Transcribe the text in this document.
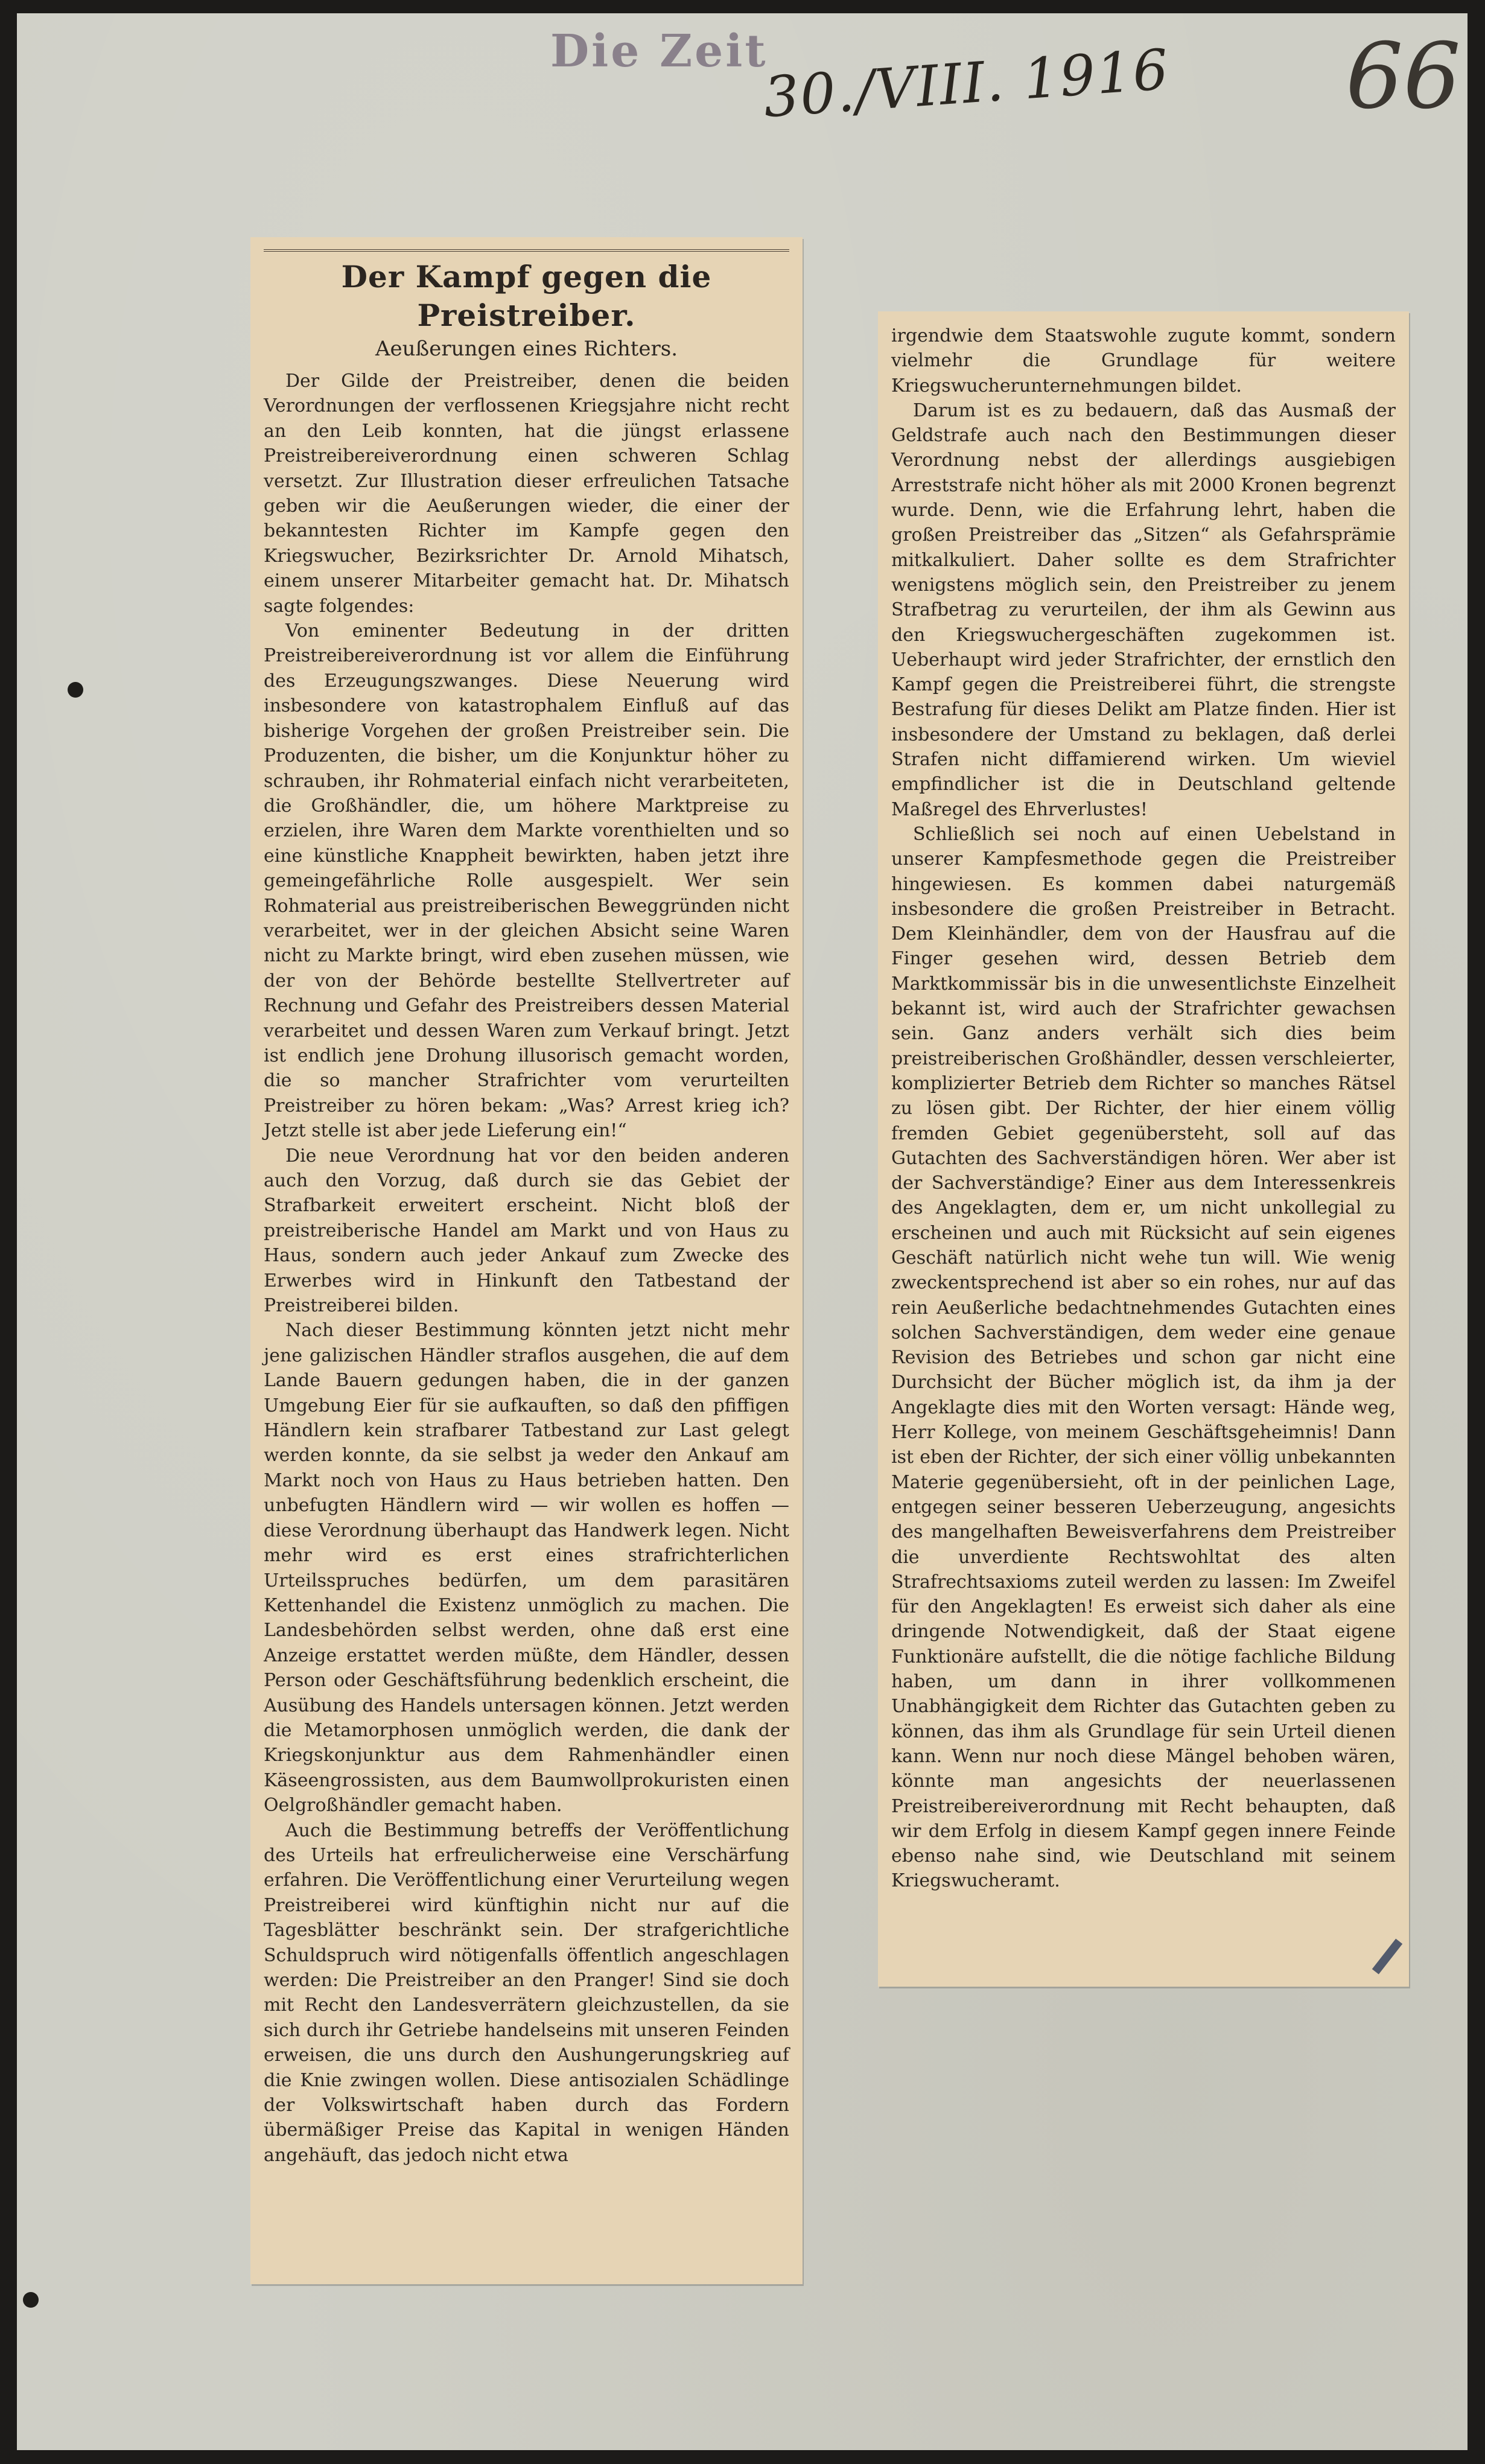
Die Zeit
30./VIII. 1916 66
Der Kampf gegen die Preistreiber.
Aeußerungen eines Richters.

Der Gilde der Preistreiber, denen die beiden Verordnungen der verflossenen Kriegsjahre nicht recht an den Leib konnten, hat die jüngst erlassene Preistreibereiverordnung einen schweren Schlag versetzt. Zur Illustration dieser erfreulichen Tatsache geben wir die Aeußerungen wieder, die einer der bekanntesten Richter im Kampfe gegen den Kriegswucher, Bezirksrichter Dr. Arnold Mihatsch, einem unserer Mitarbeiter gemacht hat. Dr. Mihatsch sagte folgendes:

Von eminenter Bedeutung in der dritten Preistreibereiverordnung ist vor allem die Einführung des Erzeugungszwanges. Diese Neuerung wird insbesondere von katastrophalem Einfluß auf das bisherige Vorgehen der großen Preistreiber sein. Die Produzenten, die bisher, um die Konjunktur höher zu schrauben, ihr Rohmaterial einfach nicht verarbeiteten, die Großhändler, die, um höhere Marktpreise zu erzielen, ihre Waren dem Markte vorenthielten und so eine künstliche Knappheit bewirkten, haben jetzt ihre gemeingefährliche Rolle ausgespielt. Wer sein Rohmaterial aus preistreiberischen Beweggründen nicht verarbeitet, wer in der gleichen Absicht seine Waren nicht zu Markte bringt, wird eben zusehen müssen, wie der von der Behörde bestellte Stellvertreter auf Rechnung und Gefahr des Preistreibers dessen Material verarbeitet und dessen Waren zum Verkauf bringt. Jetzt ist endlich jene Drohung illusorisch gemacht worden, die so mancher Strafrichter vom verurteilten Preistreiber zu hören bekam: „Was? Arrest krieg ich? Jetzt stelle ist aber jede Lieferung ein!“

Die neue Verordnung hat vor den beiden anderen auch den Vorzug, daß durch sie das Gebiet der Strafbarkeit erweitert erscheint. Nicht bloß der preistreiberische Handel am Markt und von Haus zu Haus, sondern auch jeder Ankauf zum Zwecke des Erwerbes wird in Hinkunft den Tatbestand der Preistreiberei bilden.

Nach dieser Bestimmung könnten jetzt nicht mehr jene galizischen Händler straflos ausgehen, die auf dem Lande Bauern gedungen haben, die in der ganzen Umgebung Eier für sie aufkauften, so daß den pfiffigen Händlern kein strafbarer Tatbestand zur Last gelegt werden konnte, da sie selbst ja weder den Ankauf am Markt noch von Haus zu Haus betrieben hatten. Den unbefugten Händlern wird — wir wollen es hoffen — diese Verordnung überhaupt das Handwerk legen. Nicht mehr wird es erst eines strafrichterlichen Urteilsspruches bedürfen, um dem parasitären Kettenhandel die Existenz unmöglich zu machen. Die Landesbehörden selbst werden, ohne daß erst eine Anzeige erstattet werden müßte, dem Händler, dessen Person oder Geschäftsführung bedenklich erscheint, die Ausübung des Handels untersagen können. Jetzt werden die Metamorphosen unmöglich werden, die dank der Kriegskonjunktur aus dem Rahmenhändler einen Käseengrossisten, aus dem Baumwollprokuristen einen Oelgroßhändler gemacht haben.

Auch die Bestimmung betreffs der Veröffentlichung des Urteils hat erfreulicherweise eine Verschärfung erfahren. Die Veröffentlichung einer Verurteilung wegen Preistreiberei wird künftighin nicht nur auf die Tagesblätter beschränkt sein. Der strafgerichtliche Schuldspruch wird nötigenfalls öffentlich angeschlagen werden: Die Preistreiber an den Pranger! Sind sie doch mit Recht den Landesverrätern gleichzustellen, da sie sich durch ihr Getriebe handelseins mit unseren Feinden erweisen, die uns durch den Aushungerungskrieg auf die Knie zwingen wollen. Diese antisozialen Schädlinge der Volkswirtschaft haben durch das Fordern übermäßiger Preise das Kapital in wenigen Händen angehäuft, das jedoch nicht etwa

irgendwie dem Staatswohle zugute kommt, sondern vielmehr die Grundlage für weitere Kriegswucherunternehmungen bildet.

Darum ist es zu bedauern, daß das Ausmaß der Geldstrafe auch nach den Bestimmungen dieser Verordnung nebst der allerdings ausgiebigen Arreststrafe nicht höher als mit 2000 Kronen begrenzt wurde. Denn, wie die Erfahrung lehrt, haben die großen Preistreiber das „Sitzen“ als Gefahrsprämie mitkalkuliert. Daher sollte es dem Strafrichter wenigstens möglich sein, den Preistreiber zu jenem Strafbetrag zu verurteilen, der ihm als Gewinn aus den Kriegswuchergeschäften zugekommen ist. Ueberhaupt wird jeder Strafrichter, der ernstlich den Kampf gegen die Preistreiberei führt, die strengste Bestrafung für dieses Delikt am Platze finden. Hier ist insbesondere der Umstand zu beklagen, daß derlei Strafen nicht diffamierend wirken. Um wieviel empfindlicher ist die in Deutschland geltende Maßregel des Ehrverlustes!

Schließlich sei noch auf einen Uebelstand in unserer Kampfesmethode gegen die Preistreiber hingewiesen. Es kommen dabei naturgemäß insbesondere die großen Preistreiber in Betracht. Dem Kleinhändler, dem von der Hausfrau auf die Finger gesehen wird, dessen Betrieb dem Marktkommissär bis in die unwesentlichste Einzelheit bekannt ist, wird auch der Strafrichter gewachsen sein. Ganz anders verhält sich dies beim preistreiberischen Großhändler, dessen verschleierter, komplizierter Betrieb dem Richter so manches Rätsel zu lösen gibt. Der Richter, der hier einem völlig fremden Gebiet gegenübersteht, soll auf das Gutachten des Sachverständigen hören. Wer aber ist der Sachverständige? Einer aus dem Interessenkreis des Angeklagten, dem er, um nicht unkollegial zu erscheinen und auch mit Rücksicht auf sein eigenes Geschäft natürlich nicht wehe tun will. Wie wenig zweckentsprechend ist aber so ein rohes, nur auf das rein Aeußerliche bedachtnehmendes Gutachten eines solchen Sachverständigen, dem weder eine genaue Revision des Betriebes und schon gar nicht eine Durchsicht der Bücher möglich ist, da ihm ja der Angeklagte dies mit den Worten versagt: Hände weg, Herr Kollege, von meinem Geschäftsgeheimnis! Dann ist eben der Richter, der sich einer völlig unbekannten Materie gegenübersieht, oft in der peinlichen Lage, entgegen seiner besseren Ueberzeugung, angesichts des mangelhaften Beweisverfahrens dem Preistreiber die unverdiente Rechtswohltat des alten Strafrechtsaxioms zuteil werden zu lassen: Im Zweifel für den Angeklagten! Es erweist sich daher als eine dringende Notwendigkeit, daß der Staat eigene Funktionäre aufstellt, die die nötige fachliche Bildung haben, um dann in ihrer vollkommenen Unabhängigkeit dem Richter das Gutachten geben zu können, das ihm als Grundlage für sein Urteil dienen kann. Wenn nur noch diese Mängel behoben wären, könnte man angesichts der neuerlassenen Preistreibereiverordnung mit Recht behaupten, daß wir dem Erfolg in diesem Kampf gegen innere Feinde ebenso nahe sind, wie Deutschland mit seinem Kriegswucheramt.
